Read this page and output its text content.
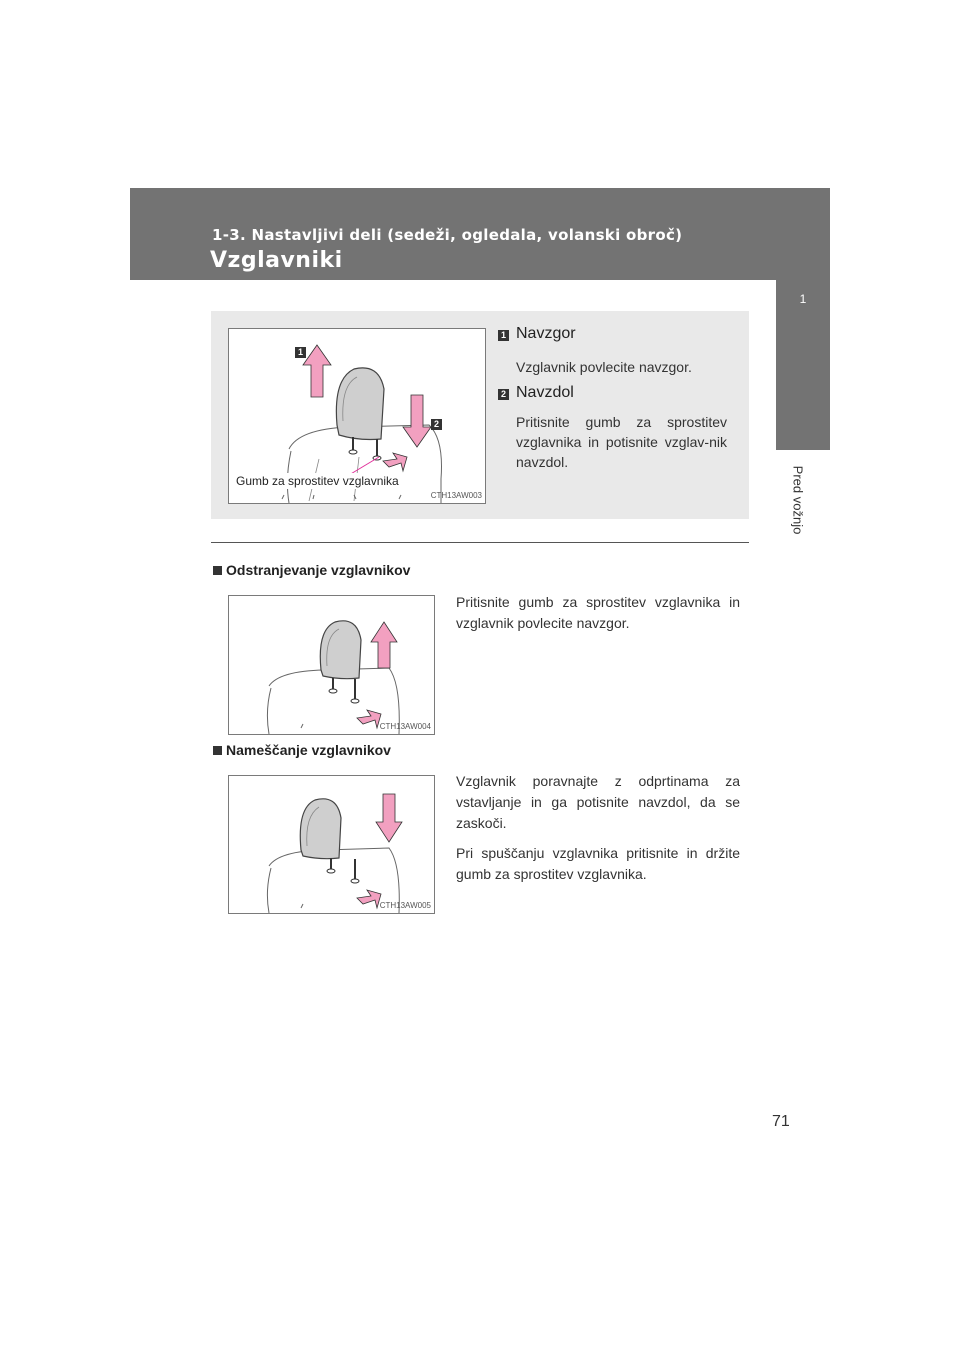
1-3. Nastavljivi deli (sedeži, ogledala, volanski obroč)
Vzglavniki
1
Pred vožnjo
1
2
Gumb za sprostitev vzglavnika
CTH13AW003
1 Navzgor
Vzglavnik povlecite navzgor.
2 Navzdol
Pritisnite gumb za sprostitev vzglavnika in potisnite vzglav-nik navzdol.
Odstranjevanje vzglavnikov
CTH13AW004

Pritisnite gumb za sprostitev vzglavnika in vzglavnik povlecite navzgor.

Nameščanje vzglavnikov
CTH13AW005

Vzglavnik poravnajte z odprtinama za vstavljanje in ga potisnite navzdol, da se zaskoči.

Pri spuščanju vzglavnika pritisnite in držite gumb za sprostitev vzglavnika.

71
